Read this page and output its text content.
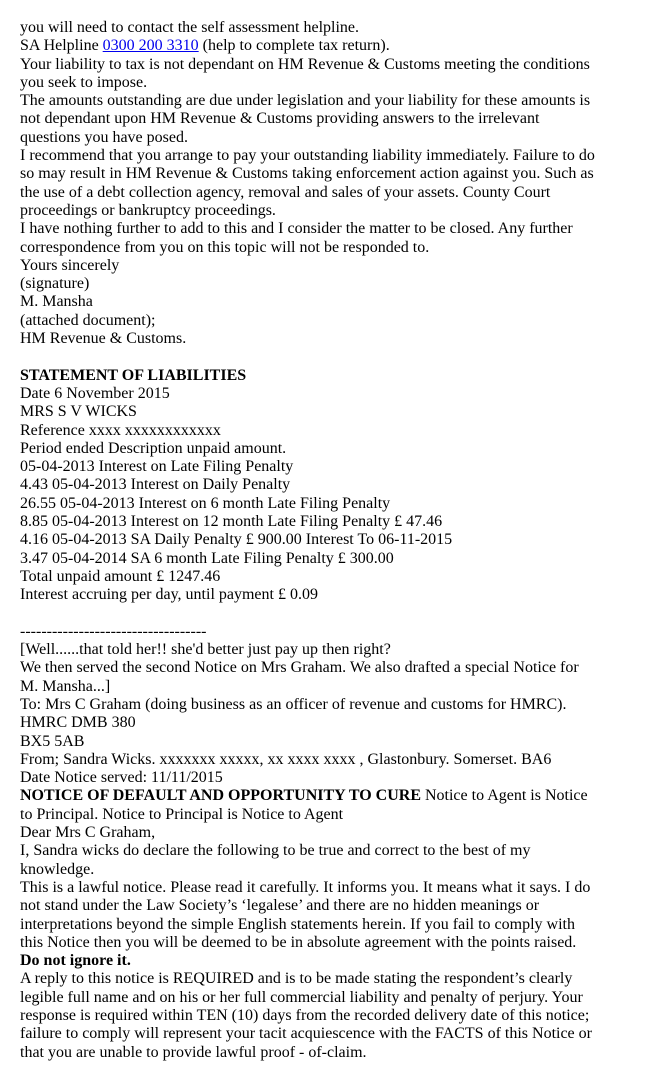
you will need to contact the self assessment helpline.
SA Helpline 0300 200 3310 (help to complete tax return).
Your liability to tax is not dependant on HM Revenue & Customs meeting the conditions
you seek to impose.
The amounts outstanding are due under legislation and your liability for these amounts is
not dependant upon HM Revenue & Customs providing answers to the irrelevant
questions you have posed.
I recommend that you arrange to pay your outstanding liability immediately. Failure to do
so may result in HM Revenue & Customs taking enforcement action against you. Such as
the use of a debt collection agency, removal and sales of your assets. County Court
proceedings or bankruptcy proceedings.
I have nothing further to add to this and I consider the matter to be closed. Any further
correspondence from you on this topic will not be responded to.
Yours sincerely
(signature)
M. Mansha
(attached document);
HM Revenue & Customs.
STATEMENT OF LIABILITIES
Date 6 November 2015
MRS S V WICKS
Reference xxxx xxxxxxxxxxxx
Period ended Description unpaid amount.
05-04-2013 Interest on Late Filing Penalty
4.43 05-04-2013 Interest on Daily Penalty
26.55 05-04-2013 Interest on 6 month Late Filing Penalty
8.85 05-04-2013 Interest on 12 month Late Filing Penalty £ 47.46
4.16 05-04-2013 SA Daily Penalty £ 900.00 Interest To 06-11-2015
3.47 05-04-2014 SA 6 month Late Filing Penalty £ 300.00
Total unpaid amount £ 1247.46
Interest accruing per day, until payment £ 0.09
-----------------------------------
[Well......that told her!! she'd better just pay up then right?
We then served the second Notice on Mrs Graham. We also drafted a special Notice for
M. Mansha...]
To: Mrs C Graham (doing business as an officer of revenue and customs for HMRC).
HMRC DMB 380
BX5 5AB
From; Sandra Wicks. xxxxxxx xxxxx, xx xxxx xxxx , Glastonbury. Somerset. BA6
Date Notice served: 11/11/2015
NOTICE OF DEFAULT AND OPPORTUNITY TO CURE Notice to Agent is Notice
to Principal. Notice to Principal is Notice to Agent
Dear Mrs C Graham,
I, Sandra wicks do declare the following to be true and correct to the best of my
knowledge.
This is a lawful notice. Please read it carefully. It informs you. It means what it says. I do
not stand under the Law Society’s ‘legalese’ and there are no hidden meanings or
interpretations beyond the simple English statements herein. If you fail to comply with
this Notice then you will be deemed to be in absolute agreement with the points raised.
Do not ignore it.
A reply to this notice is REQUIRED and is to be made stating the respondent’s clearly
legible full name and on his or her full commercial liability and penalty of perjury. Your
response is required within TEN (10) days from the recorded delivery date of this notice;
failure to comply will represent your tacit acquiescence with the FACTS of this Notice or
that you are unable to provide lawful proof - of-claim.
